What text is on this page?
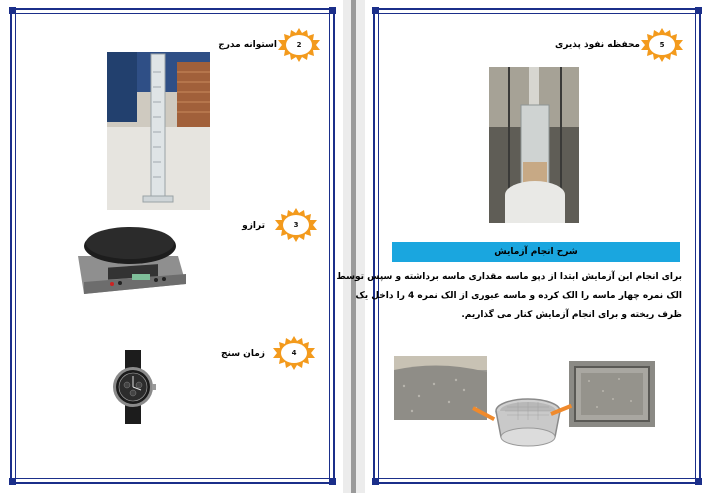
2
استوانه مدرج
3
ترازو
4
زمان سنج
5
محفظه نفوذ پذیری
شرح انجام آزمایش
برای انجام این آزمایش ابتدا از دپو ماسه مقداری ماسه برداشته و سپس توسط
الک نمره چهار ماسه را الک کرده و ماسه عبوری از الک نمره 4 را داخل یک
ظرف ریخته و برای انجام آزمایش کنار می گذاریم.
